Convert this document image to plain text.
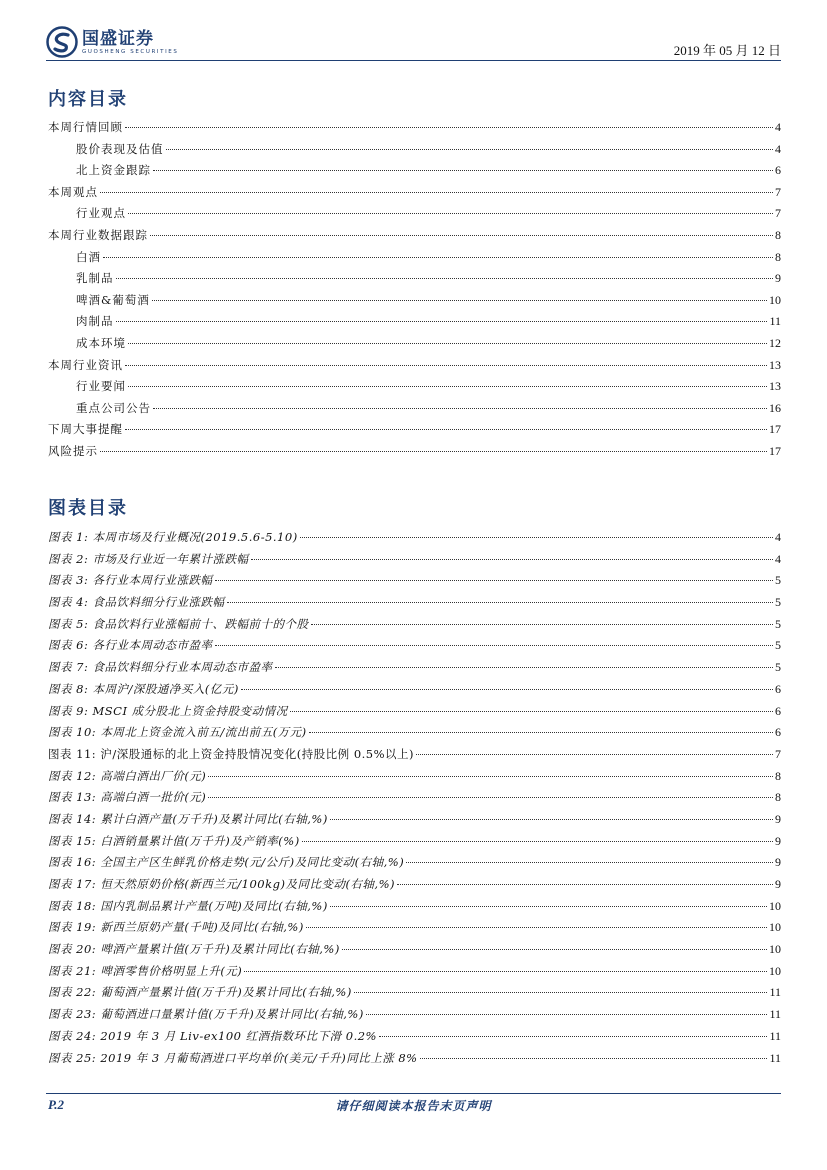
国盛证券
GUOSHENG SECURITIES	2019 年 05 月 12 日
内容目录
本周行情回顾	4
股价表现及估值	4
北上资金跟踪	6
本周观点	7
行业观点	7
本周行业数据跟踪	8
白酒	8
乳制品	9
啤酒&葡萄酒	10
肉制品	11
成本环境	12
本周行业资讯	13
行业要闻	13
重点公司公告	16
下周大事提醒	17
风险提示	17
图表目录
图表 1: 本周市场及行业概况(2019.5.6-5.10)	4
图表 2: 市场及行业近一年累计涨跌幅	4
图表 3: 各行业本周行业涨跌幅	5
图表 4: 食品饮料细分行业涨跌幅	5
图表 5: 食品饮料行业涨幅前十、跌幅前十的个股	5
图表 6: 各行业本周动态市盈率	5
图表 7: 食品饮料细分行业本周动态市盈率	5
图表 8: 本周沪/深股通净买入(亿元)	6
图表 9: MSCI 成分股北上资金持股变动情况	6
图表 10: 本周北上资金流入前五/流出前五(万元)	6
图表 11: 沪/深股通标的北上资金持股情况变化(持股比例 0.5%以上)	7
图表 12: 高端白酒出厂价(元)	8
图表 13: 高端白酒一批价(元)	8
图表 14: 累计白酒产量(万千升)及累计同比(右轴,%)	9
图表 15: 白酒销量累计值(万千升)及产销率(%)	9
图表 16: 全国主产区生鲜乳价格走势(元/公斤)及同比变动(右轴,%)	9
图表 17: 恒天然原奶价格(新西兰元/100kg)及同比变动(右轴,%)	9
图表 18: 国内乳制品累计产量(万吨)及同比(右轴,%)	10
图表 19: 新西兰原奶产量(千吨)及同比(右轴,%)	10
图表 20: 啤酒产量累计值(万千升)及累计同比(右轴,%)	10
图表 21: 啤酒零售价格明显上升(元)	10
图表 22: 葡萄酒产量累计值(万千升)及累计同比(右轴,%)	11
图表 23: 葡萄酒进口量累计值(万千升)及累计同比(右轴,%)	11
图表 24: 2019 年 3 月 Liv-ex100 红酒指数环比下滑 0.2%	11
图表 25: 2019 年 3 月葡萄酒进口平均单价(美元/千升)同比上涨 8%	11
P.2	请仔细阅读本报告末页声明
